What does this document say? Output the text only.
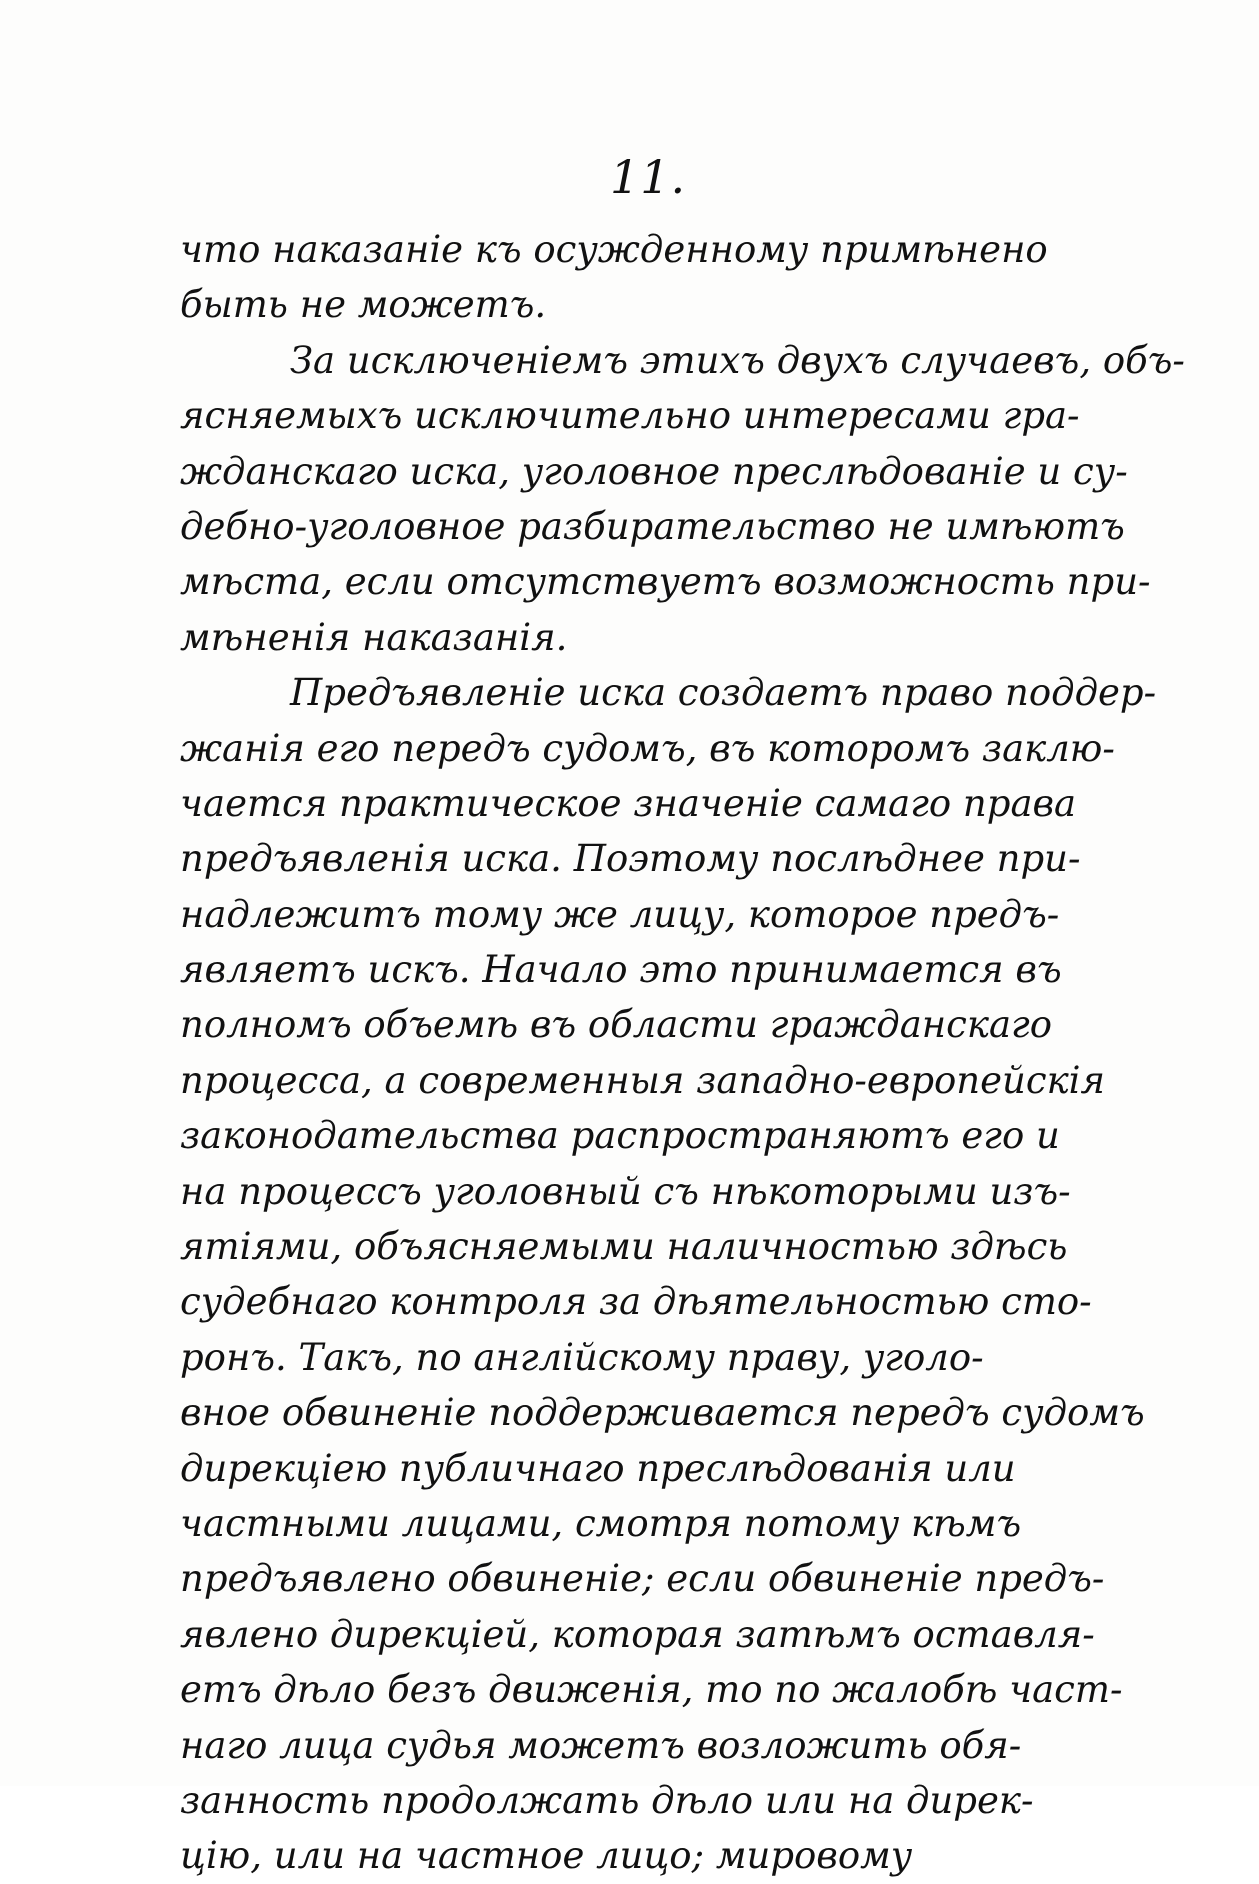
11.
что наказаніе къ осужденному примѣнено
быть не можетъ.
За исключеніемъ этихъ двухъ случаевъ, объ-
ясняемыхъ исключительно интересами гра-
жданскаго иска, уголовное преслѣдованіе и су-
дебно-уголовное разбирательство не имѣютъ
мѣста, если отсутствуетъ возможность при-
мѣненія наказанія.
Предъявленіе иска создаетъ право поддер-
жанія его передъ судомъ, въ которомъ заклю-
чается практическое значеніе самаго права
предъявленія иска. Поэтому послѣднее при-
надлежитъ тому же лицу, которое предъ-
являетъ искъ. Начало это принимается въ
полномъ объемѣ въ области гражданскаго
процесса, а современныя западно-европейскія
законодательства распространяютъ его и
на процессъ уголовный съ нѣкоторыми изъ-
ятіями, объясняемыми наличностью здѣсь
судебнаго контроля за дѣятельностью сто-
ронъ. Такъ, по англійскому праву, уголо-
вное обвиненіе поддерживается передъ судомъ
дирекціею публичнаго преслѣдованія или
частными лицами, смотря потому кѣмъ
предъявлено обвиненіе; если обвиненіе предъ-
явлено дирекціей, которая затѣмъ оставля-
етъ дѣло безъ движенія, то по жалобѣ част-
наго лица судья можетъ возложить обя-
занность продолжать дѣло или на дирек-
цію, или на частное лицо; мировому
